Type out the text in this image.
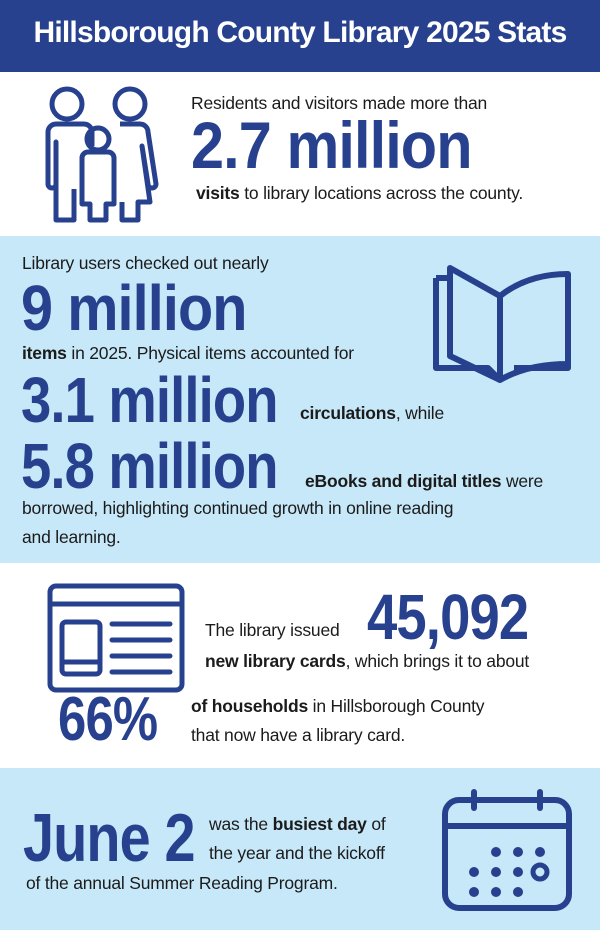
Hillsborough County Library 2025 Stats
Residents and visitors made more than
2.7 million
visits to library locations across the county.
Library users checked out nearly
9 million
items in 2025. Physical items accounted for
3.1 million circulations, while
5.8 million eBooks and digital titles were
borrowed, highlighting continued growth in online reading
and learning.
The library issued 45,092
new library cards, which brings it to about
66% of households in Hillsborough County
that now have a library card.
June 2 was the busiest day of
the year and the kickoff
of the annual Summer Reading Program.
